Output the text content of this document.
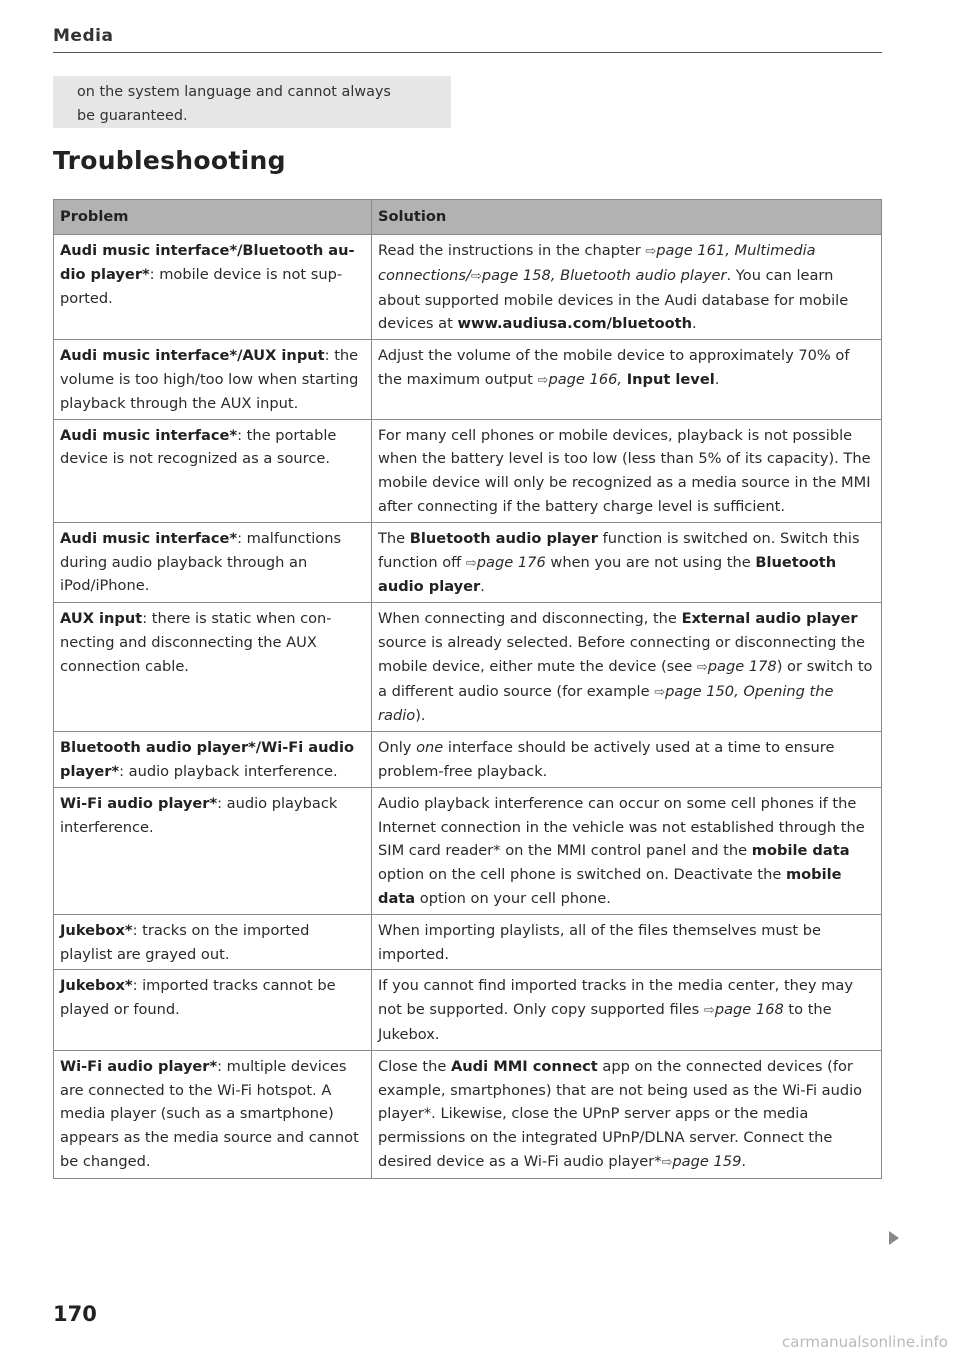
Media
on the system language and cannot always
be guaranteed.
Troubleshooting
Problem	Solution
Audi music interface*/Bluetooth audio player*: mobile device is not supported.	Read the instructions in the chapter ⇨page 161, Multimedia connections/⇨page 158, Bluetooth audio player. You can learn about supported mobile devices in the Audi database for mobile devices at www.audiusa.com/bluetooth.
Audi music interface*/AUX input: the volume is too high/too low when starting playback through the AUX input.	Adjust the volume of the mobile device to approximately 70% of the maximum output ⇨page 166, Input level.
Audi music interface*: the portable device is not recognized as a source.	For many cell phones or mobile devices, playback is not possible when the battery level is too low (less than 5% of its capacity). The mobile device will only be recognized as a media source in the MMI after connecting if the battery charge level is sufficient.
Audi music interface*: malfunctions during audio playback through an iPod/iPhone.	The Bluetooth audio player function is switched on. Switch this function off ⇨page 176 when you are not using the Bluetooth audio player.
AUX input: there is static when connecting and disconnecting the AUX connection cable.	When connecting and disconnecting, the External audio player source is already selected. Before connecting or disconnecting the mobile device, either mute the device (see ⇨page 178) or switch to a different audio source (for example ⇨page 150, Opening the radio).
Bluetooth audio player*/Wi-Fi audio player*: audio playback interference.	Only one interface should be actively used at a time to ensure problem-free playback.
Wi-Fi audio player*: audio playback interference.	Audio playback interference can occur on some cell phones if the Internet connection in the vehicle was not established through the SIM card reader* on the MMI control panel and the mobile data option on the cell phone is switched on. Deactivate the mobile data option on your cell phone.
Jukebox*: tracks on the imported playlist are grayed out.	When importing playlists, all of the files themselves must be imported.
Jukebox*: imported tracks cannot be played or found.	If you cannot find imported tracks in the media center, they may not be supported. Only copy supported files ⇨page 168 to the Jukebox.
Wi-Fi audio player*: multiple devices are connected to the Wi-Fi hotspot. A media player (such as a smartphone) appears as the media source and cannot be changed.	Close the Audi MMI connect app on the connected devices (for example, smartphones) that are not being used as the Wi-Fi audio player*. Likewise, close the UPnP server apps or the media permissions on the integrated UPnP/DLNA server. Connect the desired device as a Wi-Fi audio player*⇨page 159.
170
carmanualsonline.info
